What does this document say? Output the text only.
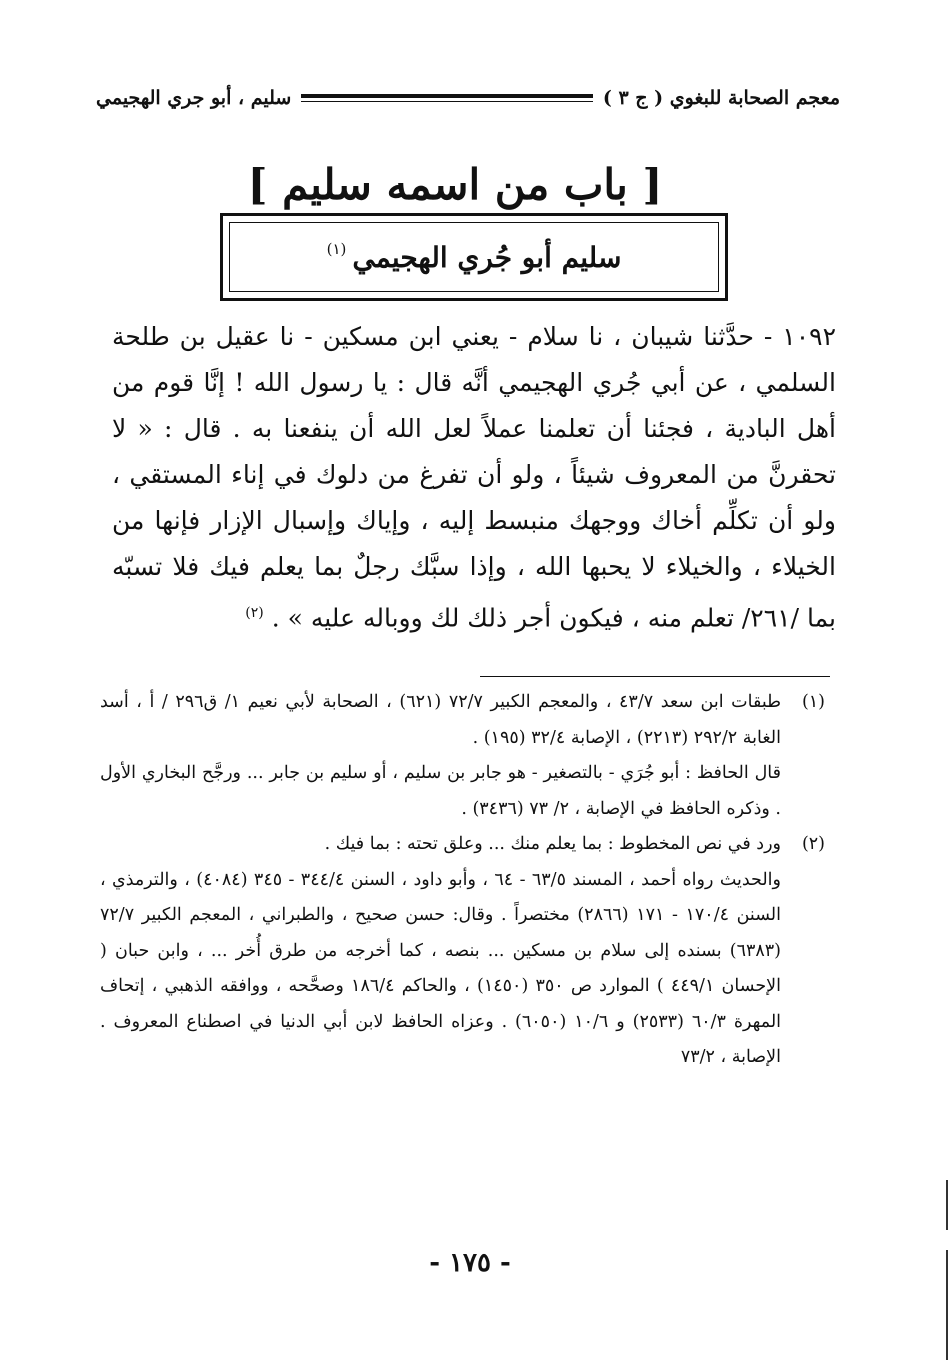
معجم الصحابة للبغوي ( ج ٣ )
سليم ، أبو جري الهجيمي
[ باب من اسمه سليم ]
سليم أبو جُري الهجيمي
$^{(١)}$

١٠٩٢ - حدَّثنا شيبان ، نا سلام - يعني ابن مسكين - نا عقيل بن طلحة السلمي ، عن أبي جُري الهجيمي أنَّه قال : يا رسول الله ! إنَّا قوم من أهل البادية ، فجئنا أن تعلمنا عملاً لعل الله أن ينفعنا به . قال : « لا تحقرنَّ من المعروف شيئاً ، ولو أن تفرغ من دلوك في إناء المستقي ، ولو أن تكلِّم أخاك ووجهك منبسط إليه ، وإياك وإسبال الإزار فإنها من الخيلاء ، والخيلاء لا يحبها الله ، وإذا سبَّك رجلٌ بما يعلم فيك فلا تسبّه بما /٢٦١/ تعلم منه ، فيكون أجر ذلك لك ووباله عليه » . $^{(٢)}$

(١)

طبقات ابن سعد ٤٣/٧ ، والمعجم الكبير ٧٢/٧ (٦٢١) ، الصحابة لأبي نعيم ١/ ق٢٩٦ / أ ، أسد الغابة ٢٩٢/٢ (٢٢١٣) ، الإصابة ٣٢/٤ (١٩٥) .

قال الحافظ : أبو جُرَي - بالتصغير - هو جابر بن سليم ، أو سليم بن جابر ... ورجَّح البخاري الأول . وذكره الحافظ في الإصابة ، ٢/ ٧٣ (٣٤٣٦) .

(٢)

ورد في نص المخطوط : بما يعلم منك ... وعلق تحته : بما فيك .

والحديث رواه أحمد ، المسند ٦٣/٥ - ٦٤ ، وأبو داود ، السنن ٣٤٤/٤ - ٣٤٥ (٤٠٨٤) ، والترمذي ، السنن ١٧٠/٤ - ١٧١ (٢٨٦٦) مختصراً . وقال: حسن صحيح ، والطبراني ، المعجم الكبير ٧٢/٧ (٦٣٨٣) بسنده إلى سلام بن مسكين ... بنصه ، كما أخرجه من طرق أُخر ... ، وابن حبان ( الإحسان ٤٤٩/١ ) الموارد ص ٣٥٠ (١٤٥٠) ، والحاكم ١٨٦/٤ وصحَّحه ، ووافقه الذهبي ، إتحاف المهرة ٦٠/٣ (٢٥٣٣) و ١٠/٦ (٦٠٥٠) . وعزاه الحافظ لابن أبي الدنيا في اصطناع المعروف . الإصابة ، ٧٣/٢

- ١٧٥ -
